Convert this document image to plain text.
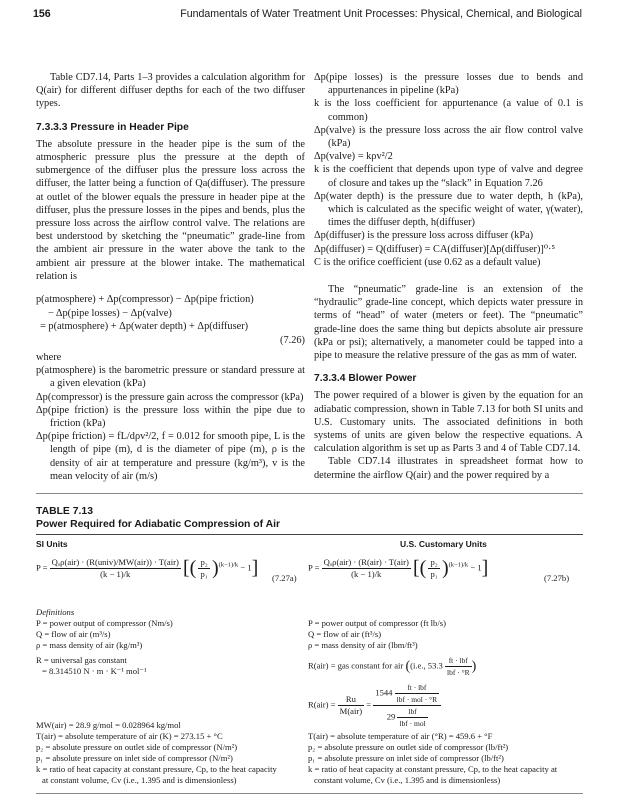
156	Fundamentals of Water Treatment Unit Processes: Physical, Chemical, and Biological

Table CD7.14, Parts 1–3 provides a calculation algorithm for Q(air) for different diffuser depths for each of the two diffuser types.

7.3.3.3 Pressure in Header Pipe

The absolute pressure in the header pipe is the sum of the atmospheric pressure plus the pressure at the depth of submergence of the diffuser plus the pressure loss across the diffuser, the latter being a function of Qa(diffuser). The pressure at outlet of the blower equals the pressure in header pipe at the diffuser, plus the pressure losses in the pipes and bends, plus the pressure loss across the airflow control valve. The relations are best understood by sketching the “pneumatic” grade-line from the ambient air pressure in the water above the tank to the ambient air pressure at the blower intake. The mathematical relation is

p(atmosphere) + Δp(compressor) − Δp(pipe friction)
− Δp(pipe losses) − Δp(valve)
= p(atmosphere) + Δp(water depth) + Δp(diffuser)
(7.26)

where

p(atmosphere) is the barometric pressure or standard pressure at a given elevation (kPa)

Δp(compressor) is the pressure gain across the compressor (kPa)

Δp(pipe friction) is the pressure loss within the pipe due to friction (kPa)

Δp(pipe friction) = fL/dρv²/2, f = 0.012 for smooth pipe, L is the length of pipe (m), d is the diameter of pipe (m), ρ is the density of air at temperature and pressure (kg/m³), v is the mean velocity of air (m/s)

Δp(pipe losses) is the pressure losses due to bends and appurtenances in pipeline (kPa)

k is the loss coefficient for appurtenance (a value of 0.1 is common)

Δp(valve) is the pressure loss across the air flow control valve (kPa)

Δp(valve) = kρv²/2

k is the coefficient that depends upon type of valve and degree of closure and takes up the “slack” in Equation 7.26

Δp(water depth) is the pressure due to water depth, h (kPa), which is calculated as the specific weight of water, γ(water), times the diffuser depth, h(diffuser)

Δp(diffuser) is the pressure loss across diffuser (kPa)

Δp(diffuser) = Q(diffuser) = CA(diffuser)[Δp(diffuser)]⁰·⁵

C is the orifice coefficient (use 0.62 as a default value)

The “pneumatic” grade-line is an extension of the “hydraulic” grade-line concept, which depicts water pressure in terms of “head” of water (meters or feet). The “pneumatic” grade-line does the same thing but depicts absolute air pressure (kPa or psi); alternatively, a manometer could be tapped into a pipe to measure the relative pressure of the gas as mm of water.

7.3.3.4 Blower Power

The power required of a blower is given by the equation for an adiabatic compression, shown in Table 7.13 for both SI units and U.S. Customary units. The associated definitions in both systems of units are given below the respective equations. A calculation algorithm is set up as Parts 3 and 4 of Table CD7.14.

Table CD7.14 illustrates in spreadsheet format how to determine the airflow Q(air) and the power required by a

TABLE 7.13
Power Required for Adiabatic Compression of Air
SI Units	U.S. Customary Units
$P = \frac{\text{Qₐρ(air) · (R(univ)/MW(air)) · T(air)}}{(k - 1)/k}$ [( $\frac{\text{p₂}}{\text{p₁}} )^{(k-1)/k} - 1$] (7.27a)
$P = \frac{\text{Qₐρ(air) · (R(air) · T(air)}}{(k - 1)/k}$ [( $\frac{\text{p₂}}{\text{p₁}} )^{(k-1)/k} - 1$]	(7.27b)
Definitions
P = power output of compressor (Nm/s)
Q = flow of air (m³/s)
ρ = mass density of air (kg/m³)
R = universal gas constant
= 8.314510 N · m · K⁻¹ mol⁻¹
MW(air) = 28.9 g/mol = 0.028964 kg/mol
T(air) = absolute temperature of air (K) = 273.15 + °C
p₂ = absolute pressure on outlet side of compressor (N/m²)
p₁ = absolute pressure on inlet side of compressor (N/m²)
k = ratio of heat capacity at constant pressure, Cp, to the heat capacity
at constant volume, Cv (i.e., 1.395 and is dimensionless)
P = power output of compressor (ft lb/s)
Q = flow of air (ft³/s)
ρ = mass density of air (lbm/ft³)
R(air) = gas constant for air ((i.e., $53.3 \frac{\text{ft · lbf}}{\text{lbf · °R}}$ )
$R(air) = \frac{Ru}{\text{M(air)}} = \frac{1544 \frac{\text{ft · lbf}}{\text{lbf · mol · °R}}}{29 \frac{\text{lbf}}{\text{lbf · mol}}}$
T(air) = absolute temperature of air (°R) = 459.6 + °F
p₂ = absolute pressure on outlet side of compressor (lb/ft²)
p₁ = absolute pressure on inlet side of compressor (lb/ft²)
k = ratio of heat capacity at constant pressure, Cp, to the heat capacity at
constant volume, Cv (i.e., 1.395 and is dimensionless)
